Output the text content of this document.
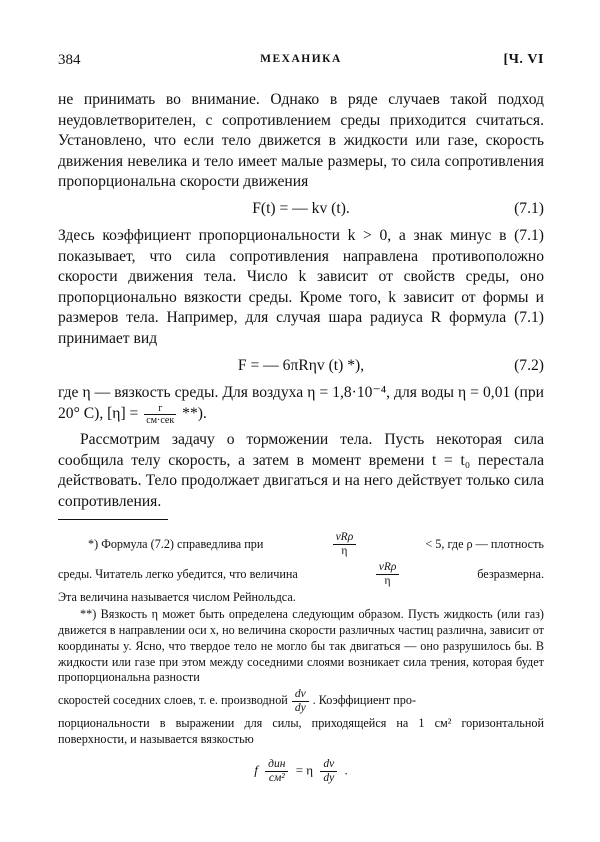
384	МЕХАНИКА	[Ч. VI

не принимать во внимание. Однако в ряде случаев такой подход неудовлетворителен, с сопротивлением среды приходится считаться. Установлено, что если тело движется в жидкости или газе, скорость движения невелика и тело имеет малые размеры, то сила сопротивления пропорциональна скорости движения

F(t) = — kv (t).	(7.1)

Здесь коэффициент пропорциональности k > 0, а знак минус в (7.1) показывает, что сила сопротивления направлена противоположно скорости движения тела. Число k зависит от свойств среды, оно пропорционально вязкости среды. Кроме того, k зависит от формы и размеров тела. Например, для случая шара радиуса R формула (7.1) принимает вид

F = — 6πRηv (t) *),	(7.2)

где η — вязкость среды. Для воздуха η = 1,8·10⁻⁴, для воды η = 0,01 (при 20° С), $[\eta] = \frac{г}{\text{см·сек}}$ **).

Рассмотрим задачу о торможении тела. Пусть некоторая сила сообщила телу скорость, а затем в момент времени t = t₀ перестала действовать. Тело продолжает двигаться и на него действует только сила сопротивления.

*) Формула (7.2) справедлива при	$\frac{\text{vRρ}}{\eta}$	< 5, где ρ — плотность
среды. Читатель легко убедится, что величина	$\frac{\text{vRρ}}{\eta}$	безразмерна.

Эта величина называется числом Рейнольдса.

**) Вязкость η может быть определена следующим образом. Пусть жидкость (или газ) движется в направлении оси x, но величина скорости различных частиц различна, зависит от координаты y. Ясно, что твердое тело не могло бы так двигаться — оно разрушилось бы. В жидкости или газе при этом между соседними слоями возникает сила трения, которая будет пропорциональна разности

скоростей соседних слоев, т. е. производной $\frac{dv}{dy}$ . Коэффициент про-

порциональности в выражении для силы, приходящейся на 1 см² горизонтальной поверхности, и называется вязкостью

f $\frac{\text{дин}}{\text{см²}} = \eta \frac{dv}{dy}$ .
